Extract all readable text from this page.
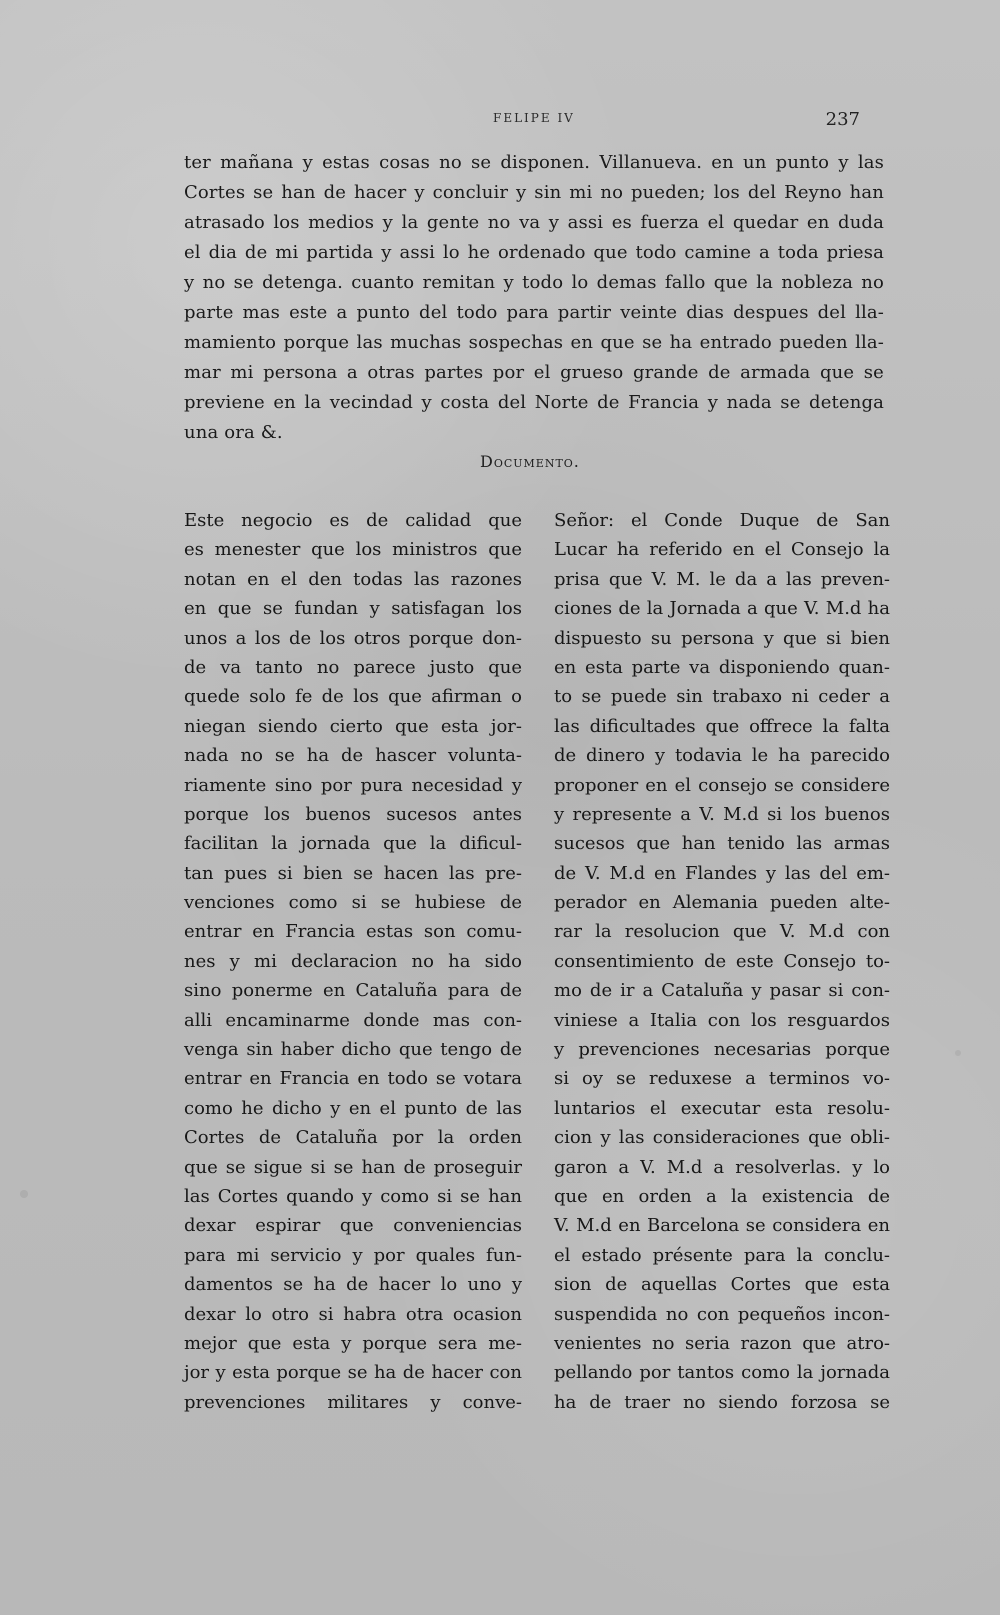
FELIPE IV	237
ter mañana y estas cosas no se disponen. Villanueva. en un punto y las
Cortes se han de hacer y concluir y sin mi no pueden; los del Reyno han
atrasado los medios y la gente no va y assi es fuerza el quedar en duda
el dia de mi partida y assi lo he ordenado que todo camine a toda priesa
y no se detenga. cuanto remitan y todo lo demas fallo que la nobleza no
parte mas este a punto del todo para partir veinte dias despues del lla-
mamiento porque las muchas sospechas en que se ha entrado pueden lla-
mar mi persona a otras partes por el grueso grande de armada que se
previene en la vecindad y costa del Norte de Francia y nada se detenga
una ora &.
Documento.
Este negocio es de calidad que
es menester que los ministros que
notan en el den todas las razones
en que se fundan y satisfagan los
unos a los de los otros porque don-
de va tanto no parece justo que
quede solo fe de los que afirman o
niegan siendo cierto que esta jor-
nada no se ha de hascer volunta-
riamente sino por pura necesidad y
porque los buenos sucesos antes
facilitan la jornada que la dificul-
tan pues si bien se hacen las pre-
venciones como si se hubiese de
entrar en Francia estas son comu-
nes y mi declaracion no ha sido
sino ponerme en Cataluña para de
alli encaminarme donde mas con-
venga sin haber dicho que tengo de
entrar en Francia en todo se votara
como he dicho y en el punto de las
Cortes de Cataluña por la orden
que se sigue si se han de proseguir
las Cortes quando y como si se han
dexar espirar que conveniencias
para mi servicio y por quales fun-
damentos se ha de hacer lo uno y
dexar lo otro si habra otra ocasion
mejor que esta y porque sera me-
jor y esta porque se ha de hacer con
prevenciones militares y conve-
Señor: el Conde Duque de San
Lucar ha referido en el Consejo la
prisa que V. M. le da a las preven-
ciones de la Jornada a que V. M.d ha
dispuesto su persona y que si bien
en esta parte va disponiendo quan-
to se puede sin trabaxo ni ceder a
las dificultades que offrece la falta
de dinero y todavia le ha parecido
proponer en el consejo se considere
y represente a V. M.d si los buenos
sucesos que han tenido las armas
de V. M.d en Flandes y las del em-
perador en Alemania pueden alte-
rar la resolucion que V. M.d con
consentimiento de este Consejo to-
mo de ir a Cataluña y pasar si con-
viniese a Italia con los resguardos
y prevenciones necesarias porque
si oy se reduxese a terminos vo-
luntarios el executar esta resolu-
cion y las consideraciones que obli-
garon a V. M.d a resolverlas. y lo
que en orden a la existencia de
V. M.d en Barcelona se considera en
el estado présente para la conclu-
sion de aquellas Cortes que esta
suspendida no con pequeños incon-
venientes no seria razon que atro-
pellando por tantos como la jornada
ha de traer no siendo forzosa se
